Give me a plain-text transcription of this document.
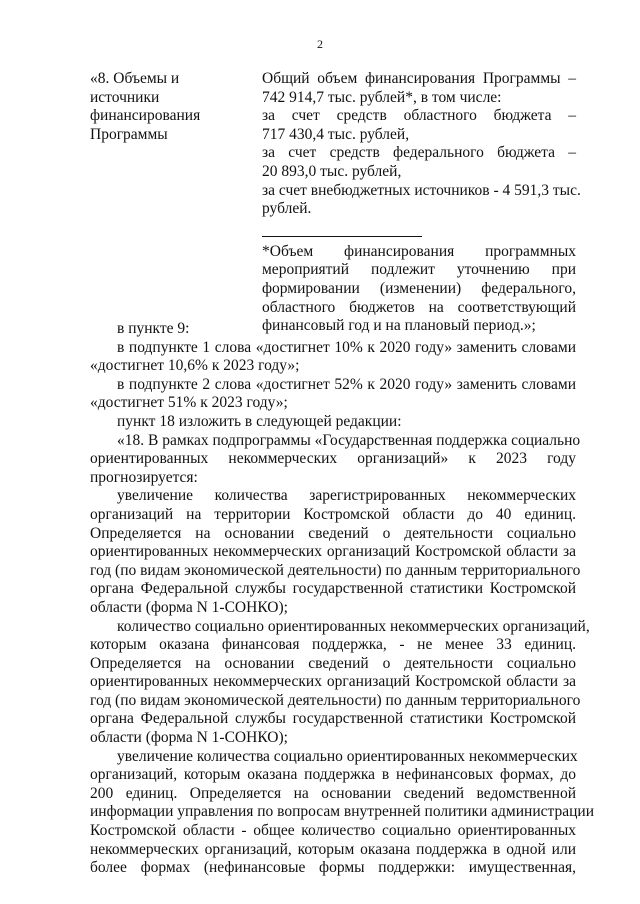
2
«8. Объемы и
источники
финансирования
Программы
Общий объем финансирования Программы –
742 914,7 тыс. рублей*, в том числе:
за счет средств областного бюджета –
717 430,4 тыс. рублей,
за счет средств федерального бюджета –
20 893,0 тыс. рублей,
за счет внебюджетных источников - 4 591,3 тыс.
рублей.
*Объем финансирования программных
мероприятий подлежит уточнению при
формировании (изменении) федерального,
областного бюджетов на соответствующий
финансовый год и на плановый период.»;
в пункте 9:
в подпункте 1 слова «достигнет 10% к 2020 году» заменить словами
«достигнет 10,6% к 2023 году»;
в подпункте 2 слова «достигнет 52% к 2020 году» заменить словами
«достигнет 51% к 2023 году»;
пункт 18 изложить в следующей редакции:
«18. В рамках подпрограммы «Государственная поддержка социально
ориентированных некоммерческих организаций» к 2023 году
прогнозируется:
увеличение количества зарегистрированных некоммерческих
организаций на территории Костромской области до 40 единиц.
Определяется на основании сведений о деятельности социально
ориентированных некоммерческих организаций Костромской области за
год (по видам экономической деятельности) по данным территориального
органа Федеральной службы государственной статистики Костромской
области (форма N 1-СОНКО);
количество социально ориентированных некоммерческих организаций,
которым оказана финансовая поддержка, - не менее 33 единиц.
Определяется на основании сведений о деятельности социально
ориентированных некоммерческих организаций Костромской области за
год (по видам экономической деятельности) по данным территориального
органа Федеральной службы государственной статистики Костромской
области (форма N 1-СОНКО);
увеличение количества социально ориентированных некоммерческих
организаций, которым оказана поддержка в нефинансовых формах, до
200 единиц. Определяется на основании сведений ведомственной
информации управления по вопросам внутренней политики администрации
Костромской области - общее количество социально ориентированных
некоммерческих организаций, которым оказана поддержка в одной или
более формах (нефинансовые формы поддержки: имущественная,
